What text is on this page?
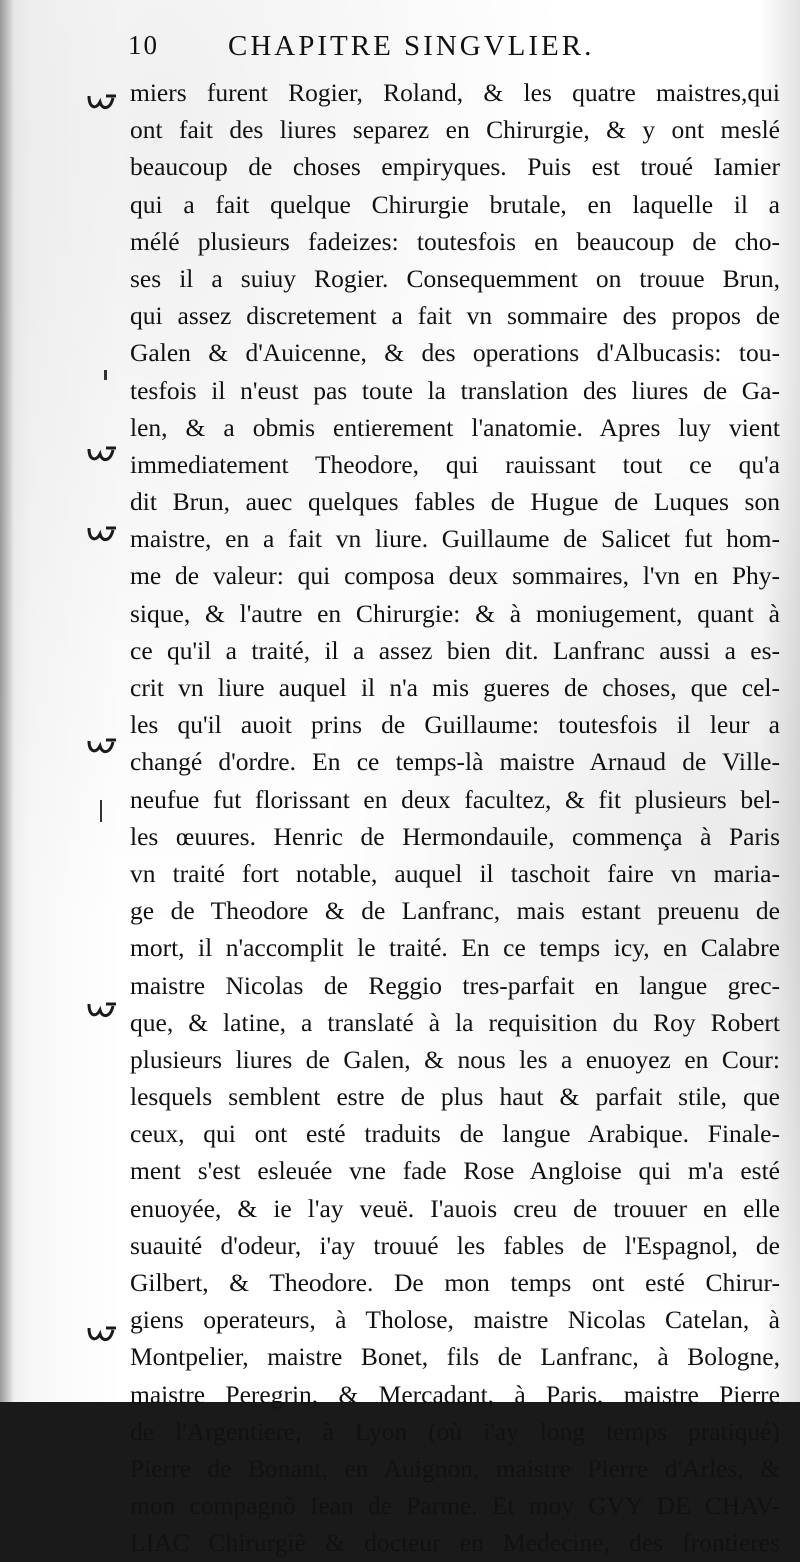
10 CHAPITRE SINGVLIER.
miers furent Rogier, Roland, & les quatre maistres,qui
ont fait des liures separez en Chirurgie, & y ont meslé
beaucoup de choses empiryques. Puis est troué Iamier
qui a fait quelque Chirurgie brutale, en laquelle il a
mélé plusieurs fadeizes: toutesfois en beaucoup de cho-
ses il a suiuy Rogier. Consequemment on trouue Brun,
qui assez discretement a fait vn sommaire des propos de
Galen & d'Auicenne, & des operations d'Albucasis: tou-
tesfois il n'eust pas toute la translation des liures de Ga-
len, & a obmis entierement l'anatomie. Apres luy vient
immediatement Theodore, qui rauissant tout ce qu'a
dit Brun, auec quelques fables de Hugue de Luques son
maistre, en a fait vn liure. Guillaume de Salicet fut hom-
me de valeur: qui composa deux sommaires, l'vn en Phy-
sique, & l'autre en Chirurgie: & à moniugement, quant à
ce qu'il a traité, il a assez bien dit. Lanfranc aussi a es-
crit vn liure auquel il n'a mis gueres de choses, que cel-
les qu'il auoit prins de Guillaume: toutesfois il leur a
changé d'ordre. En ce temps-là maistre Arnaud de Ville-
neufue fut florissant en deux facultez, & fit plusieurs bel-
les œuures. Henric de Hermondauile, commença à Paris
vn traité fort notable, auquel il taschoit faire vn maria-
ge de Theodore & de Lanfranc, mais estant preuenu de
mort, il n'accomplit le traité. En ce temps icy, en Calabre
maistre Nicolas de Reggio tres-parfait en langue grec-
que, & latine, a translaté à la requisition du Roy Robert
plusieurs liures de Galen, & nous les a enuoyez en Cour:
lesquels semblent estre de plus haut & parfait stile, que
ceux, qui ont esté traduits de langue Arabique. Finale-
ment s'est esleuée vne fade Rose Angloise qui m'a esté
enuoyée, & ie l'ay veuë. I'auois creu de trouuer en elle
suauité d'odeur, i'ay trouué les fables de l'Espagnol, de
Gilbert, & Theodore. De mon temps ont esté Chirur-
giens operateurs, à Tholose, maistre Nicolas Catelan, à
Montpelier, maistre Bonet, fils de Lanfranc, à Bologne,
maistre Peregrin, & Mercadant, à Paris, maistre Pierre
de l'Argentiere, à Lyon (où i'ay long temps pratiqué)
Pierre de Bonant, en Auignon, maistre Pierre d'Arles, &
mon compagnõ Iean de Parme. Et moy GVY DE CHAV-
LIAC Chirurgiẽ & docteur en Medecine, des frontieres
